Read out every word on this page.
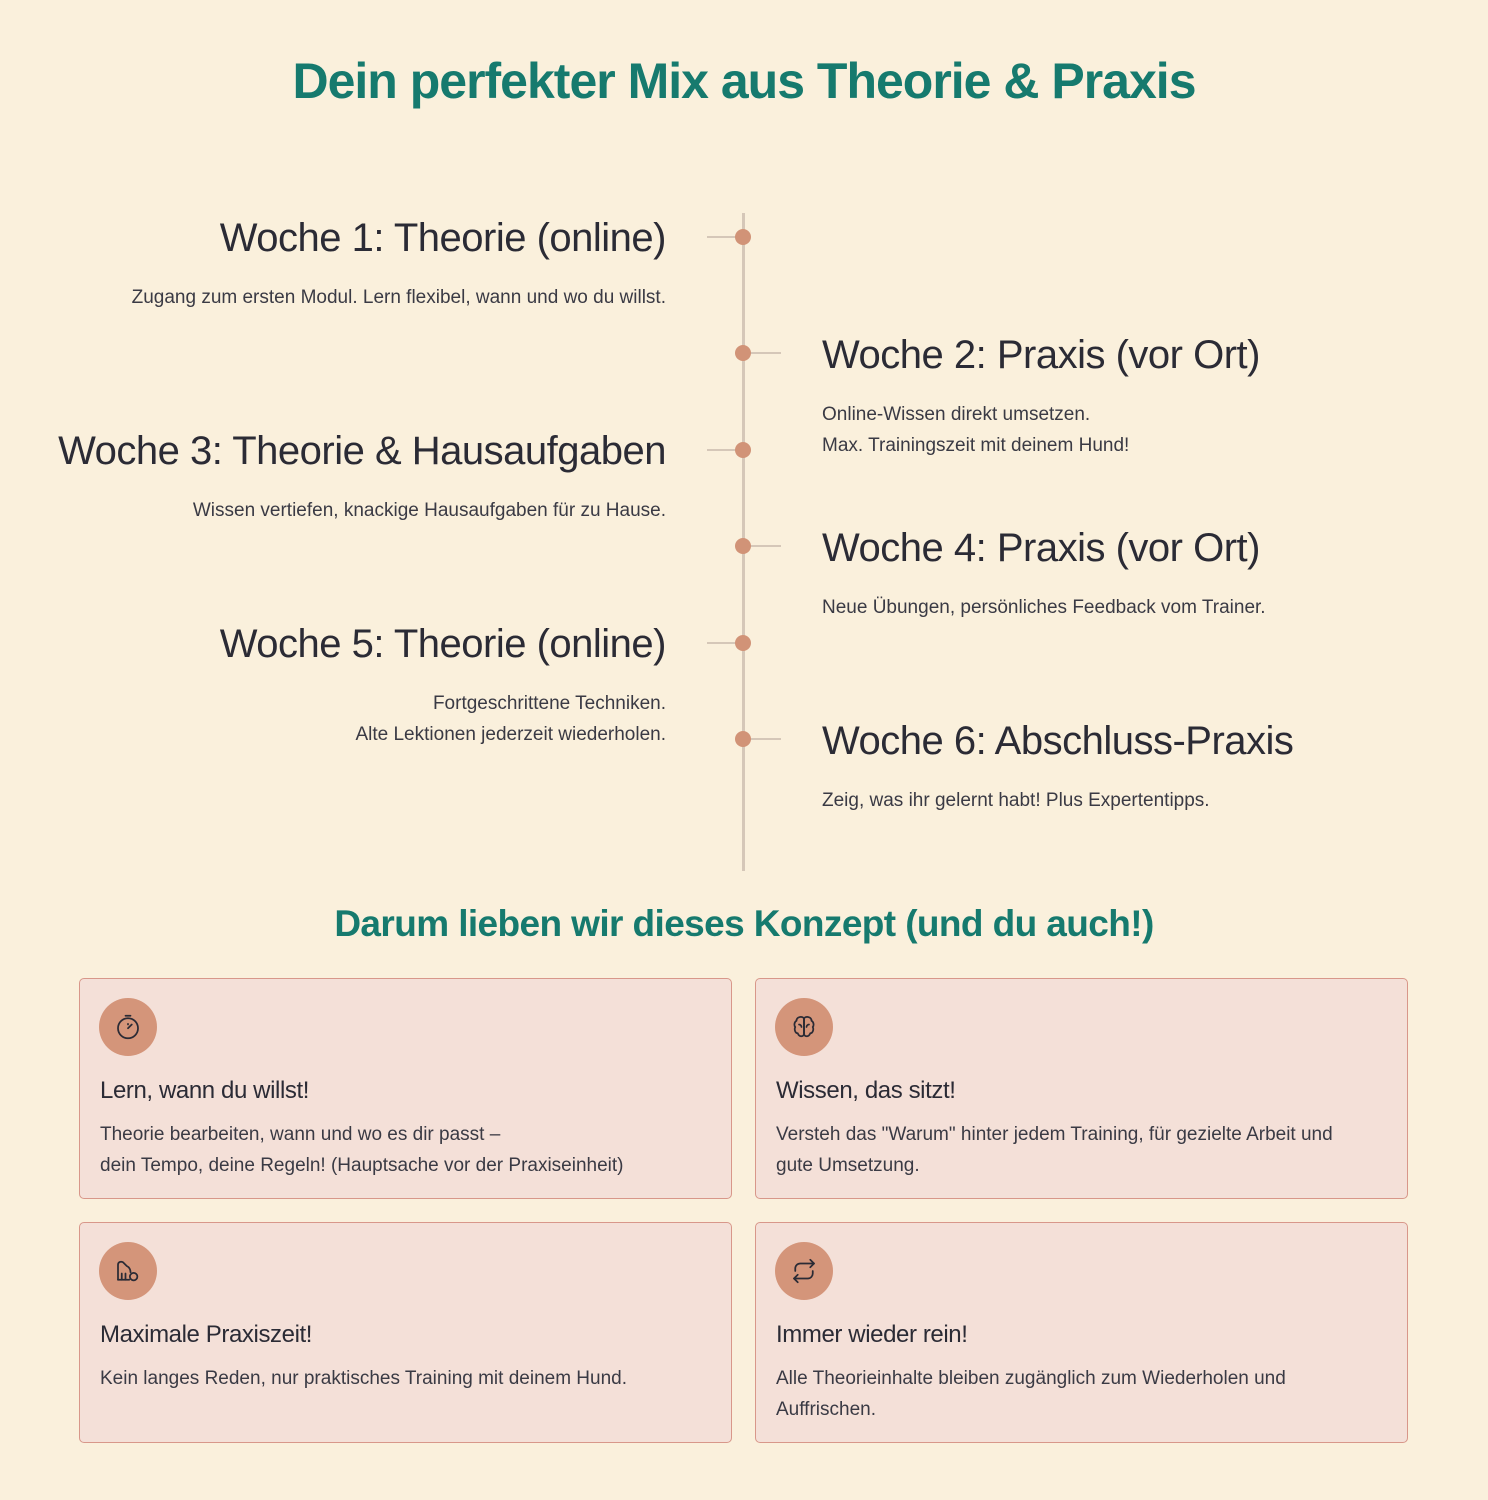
Dein perfekter Mix aus Theorie & Praxis
Woche 1: Theorie (online)
Zugang zum ersten Modul. Lern flexibel, wann und wo du willst.
Woche 2: Praxis (vor Ort)
Online-Wissen direkt umsetzen.
Max. Trainingszeit mit deinem Hund!
Woche 3: Theorie & Hausaufgaben
Wissen vertiefen, knackige Hausaufgaben für zu Hause.
Woche 4: Praxis (vor Ort)
Neue Übungen, persönliches Feedback vom Trainer.
Woche 5: Theorie (online)
Fortgeschrittene Techniken.
Alte Lektionen jederzeit wiederholen.	Woche 6: Abschluss-Praxis
Zeig, was ihr gelernt habt! Plus Expertentipps.
Darum lieben wir dieses Konzept (und du auch!)
Lern, wann du willst!
Theorie bearbeiten, wann und wo es dir passt –
dein Tempo, deine Regeln! (Hauptsache vor der Praxiseinheit)
Wissen, das sitzt!
Versteh das "Warum" hinter jedem Training, für gezielte Arbeit und
gute Umsetzung.
Maximale Praxiszeit!
Kein langes Reden, nur praktisches Training mit deinem Hund.
Immer wieder rein!
Alle Theorieinhalte bleiben zugänglich zum Wiederholen und
Auffrischen.
